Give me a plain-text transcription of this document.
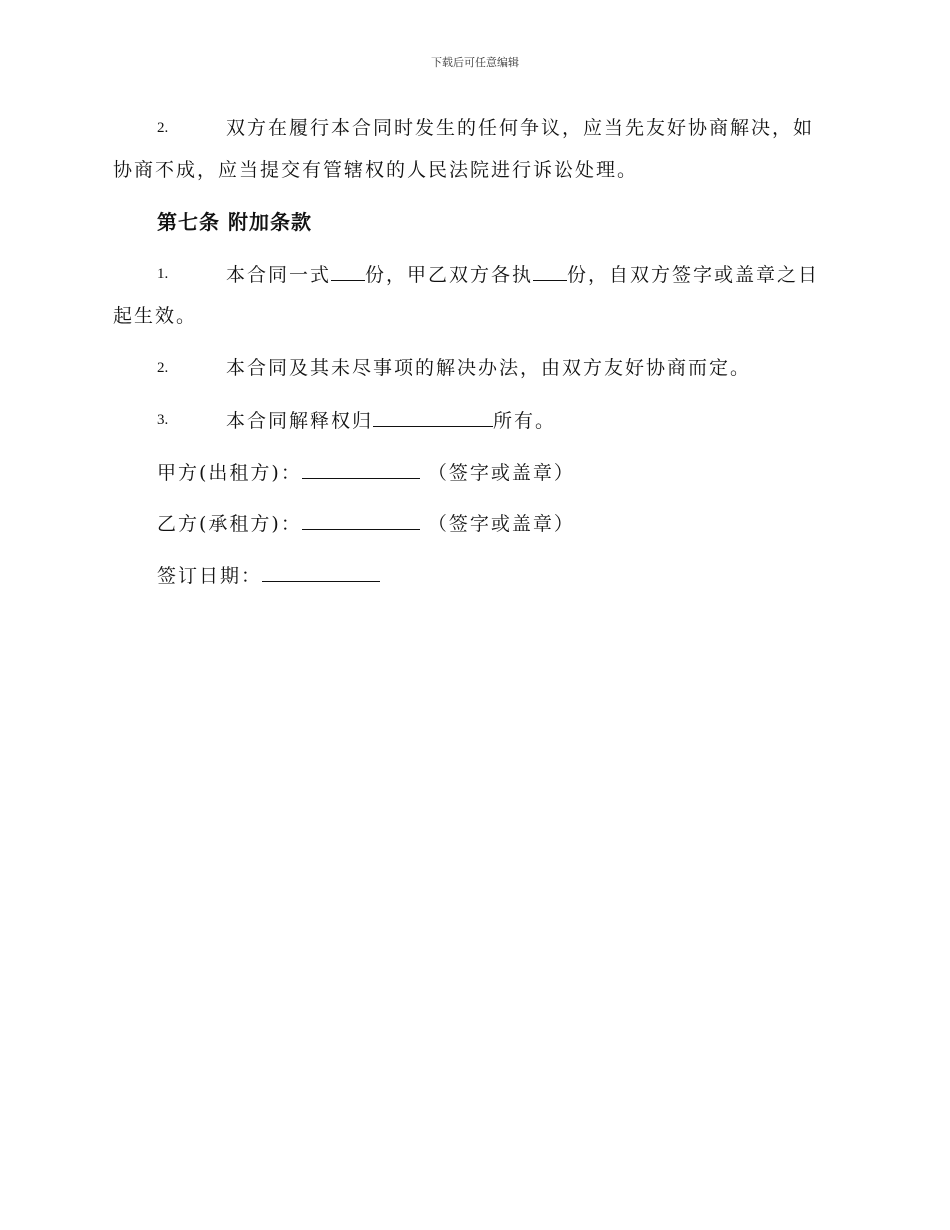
下载后可任意编辑
2.	双方在履行本合同时发生的任何争议，应当先友好协商解决，如
协商不成，应当提交有管辖权的人民法院进行诉讼处理。
第七条 附加条款
1.	本合同一式 份，甲乙双方各执 份，自双方签字或盖章之日
起生效。
2.	本合同及其未尽事项的解决办法，由双方友好协商而定。
3.	本合同解释权归	所有。
甲方(出租方)：	（签字或盖章）
乙方(承租方)：	（签字或盖章）
签订日期：
